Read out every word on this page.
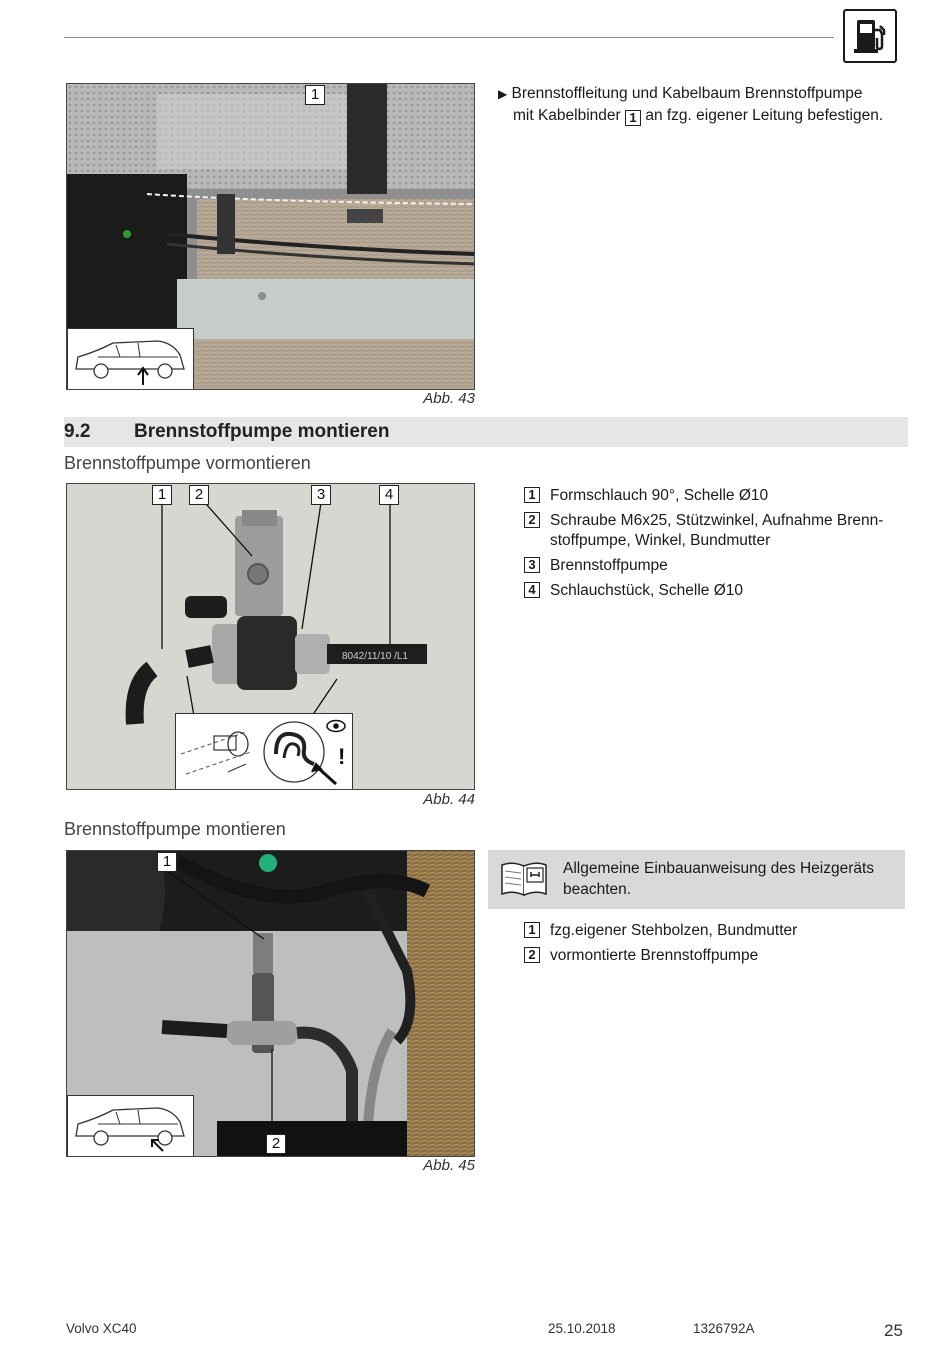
1
Abb. 43
▶ Brennstoffleitung und Kabelbaum Brennstoffpumpe
mit Kabelbinder 1 an fzg. eigener Leitung befestigen.
9.2 Brennstoffpumpe montieren
Brennstoffpumpe vormontieren
8042/11/10 /L1
1	2	3	4
!
Abb. 44
1 Formschlauch 90°, Schelle Ø10
2 Schraube M6x25, Stützwinkel, Aufnahme Brenn-
stoffpumpe, Winkel, Bundmutter
3 Brennstoffpumpe
4 Schlauchstück, Schelle Ø10
Brennstoffpumpe montieren
1
2
Abb. 45
Allgemeine Einbauanweisung des Heizgeräts
beachten.
1 fzg.eigener Stehbolzen, Bundmutter
2 vormontierte Brennstoffpumpe
Volvo XC40	25.10.2018	1326792A	25
